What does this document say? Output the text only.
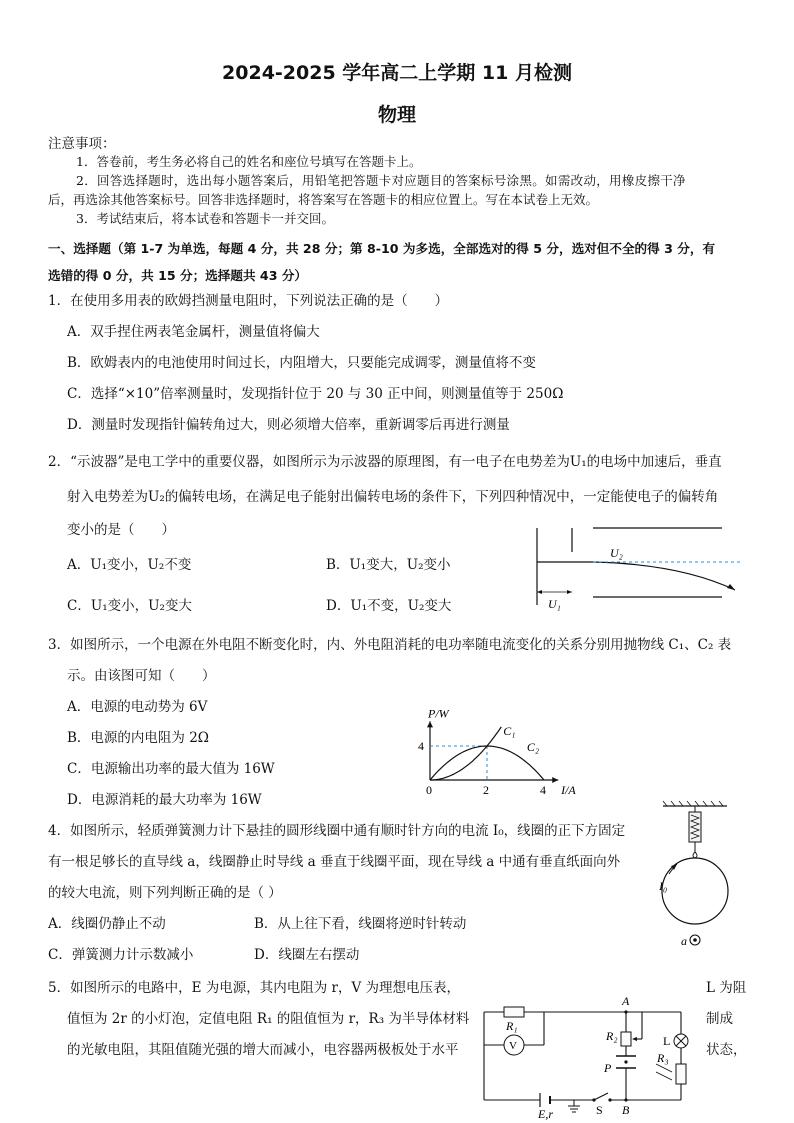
2024-2025 学年高二上学期 11 月检测
物理
注意事项：
1．答卷前，考生务必将自己的姓名和座位号填写在答题卡上。
2．回答选择题时，选出每小题答案后，用铅笔把答题卡对应题目的答案标号涂黑。如需改动，用橡皮擦干净
后，再选涂其他答案标号。回答非选择题时，将答案写在答题卡的相应位置上。写在本试卷上无效。
3．考试结束后，将本试卷和答题卡一并交回。
一、选择题（第 1-7 为单选，每题 4 分，共 28 分；第 8-10 为多选，全部选对的得 5 分，选对但不全的得 3 分，有
选错的得 0 分，共 15 分；选择题共 43 分）
1．在使用多用表的欧姆挡测量电阻时，下列说法正确的是（　　）
A．双手捏住两表笔金属杆，测量值将偏大
B．欧姆表内的电池使用时间过长，内阻增大，只要能完成调零，测量值将不变
C．选择“×10”倍率测量时，发现指针位于 20 与 30 正中间，则测量值等于 250Ω
D．测量时发现指针偏转角过大，则必须增大倍率，重新调零后再进行测量
2．“示波器”是电工学中的重要仪器，如图所示为示波器的原理图，有一电子在电势差为U₁的电场中加速后，垂直
射入电势差为U₂的偏转电场，在满足电子能射出偏转电场的条件下，下列四种情况中，一定能使电子的偏转角
变小的是（　　）
A．U₁变小，U₂不变	B．U₁变大，U₂变小
C．U₁变小，U₂变大	D．U₁不变，U₂变大
U₂
U₁
3．如图所示，一个电源在外电阻不断变化时，内、外电阻消耗的电功率随电流变化的关系分别用抛物线 C₁、C₂ 表
示。由该图可知（　　）
A．电源的电动势为 6V
B．电源的内电阻为 2Ω
C．电源输出功率的最大值为 16W
D．电源消耗的最大功率为 16W
P/W
I/A
0	2	4
4
C₁
C₂
4．如图所示，轻质弹簧测力计下悬挂的圆形线圈中通有顺时针方向的电流 I₀，线圈的正下方固定
有一根足够长的直导线 a，线圈静止时导线 a 垂直于线圈平面，现在导线 a 中通有垂直纸面向外
的较大电流，则下列判断正确的是（ ）
A．线圈仍静止不动	B．从上往下看，线圈将逆时针转动
C．弹簧测力计示数减小	D．线圈左右摆动
I₀
a
5．如图所示的电路中，E 为电源，其内电阻为 r，V 为理想电压表，	L 为阻
值恒为 2r 的小灯泡，定值电阻 R₁ 的阻值恒为 r，R₃ 为半导体材料	制成
的光敏电阻，其阻值随光强的增大而减小，电容器两极板处于水平	状态，
V
A
B
R₁
R₂
R₃
L
P
S
E,r
